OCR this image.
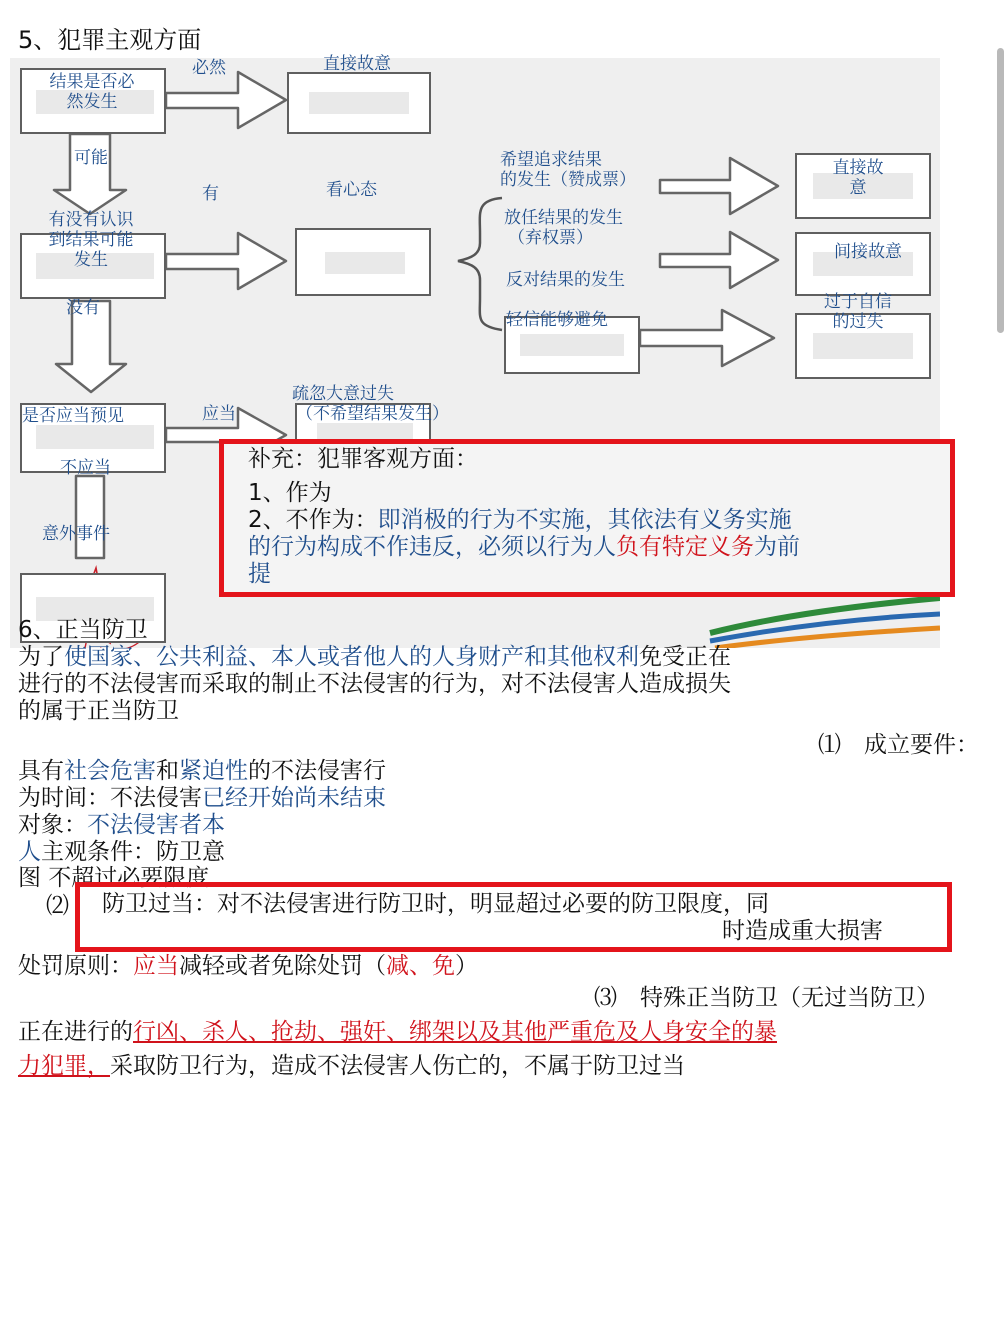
5、犯罪主观方面
结果是否必
然发生
必然	直接故意
可能
有
有没有认识
到结果可能
发生
看心态
希望追求结果
的发生（赞成票）
放任结果的发生
（弃权票）
反对结果的发生
轻信能够避免
直接故
意
间接故意
过于自信
的过失
没有
是否应当预见	应当
疏忽大意过失
（不希望结果发生）
不应当
意外事件
补充：犯罪客观方面：
1、作为
2、不作为：即消极的行为不实施，其依法有义务实施
的行为构成不作违反，必须以行为人负有特定义务为前
提
6、正当防卫
为了使国家、公共利益、本人或者他人的人身财产和其他权利免受正在
进行的不法侵害而采取的制止不法侵害的行为，对不法侵害人造成损失
的属于正当防卫
⑴　成立要件：
具有社会危害和紧迫性的不法侵害行
为时间：不法侵害已经开始尚未结束
对象：不法侵害者本
人主观条件：防卫意
图 不超过必要限度
⑵ 防卫过当：对不法侵害进行防卫时，明显超过必要的防卫限度，同
时造成重大损害
处罚原则：应当减轻或者免除处罚（减、免）
⑶　特殊正当防卫（无过当防卫）
正在进行的行凶、杀人、抢劫、强奸、绑架以及其他严重危及人身安全的暴
力犯罪，采取防卫行为，造成不法侵害人伤亡的，不属于防卫过当
